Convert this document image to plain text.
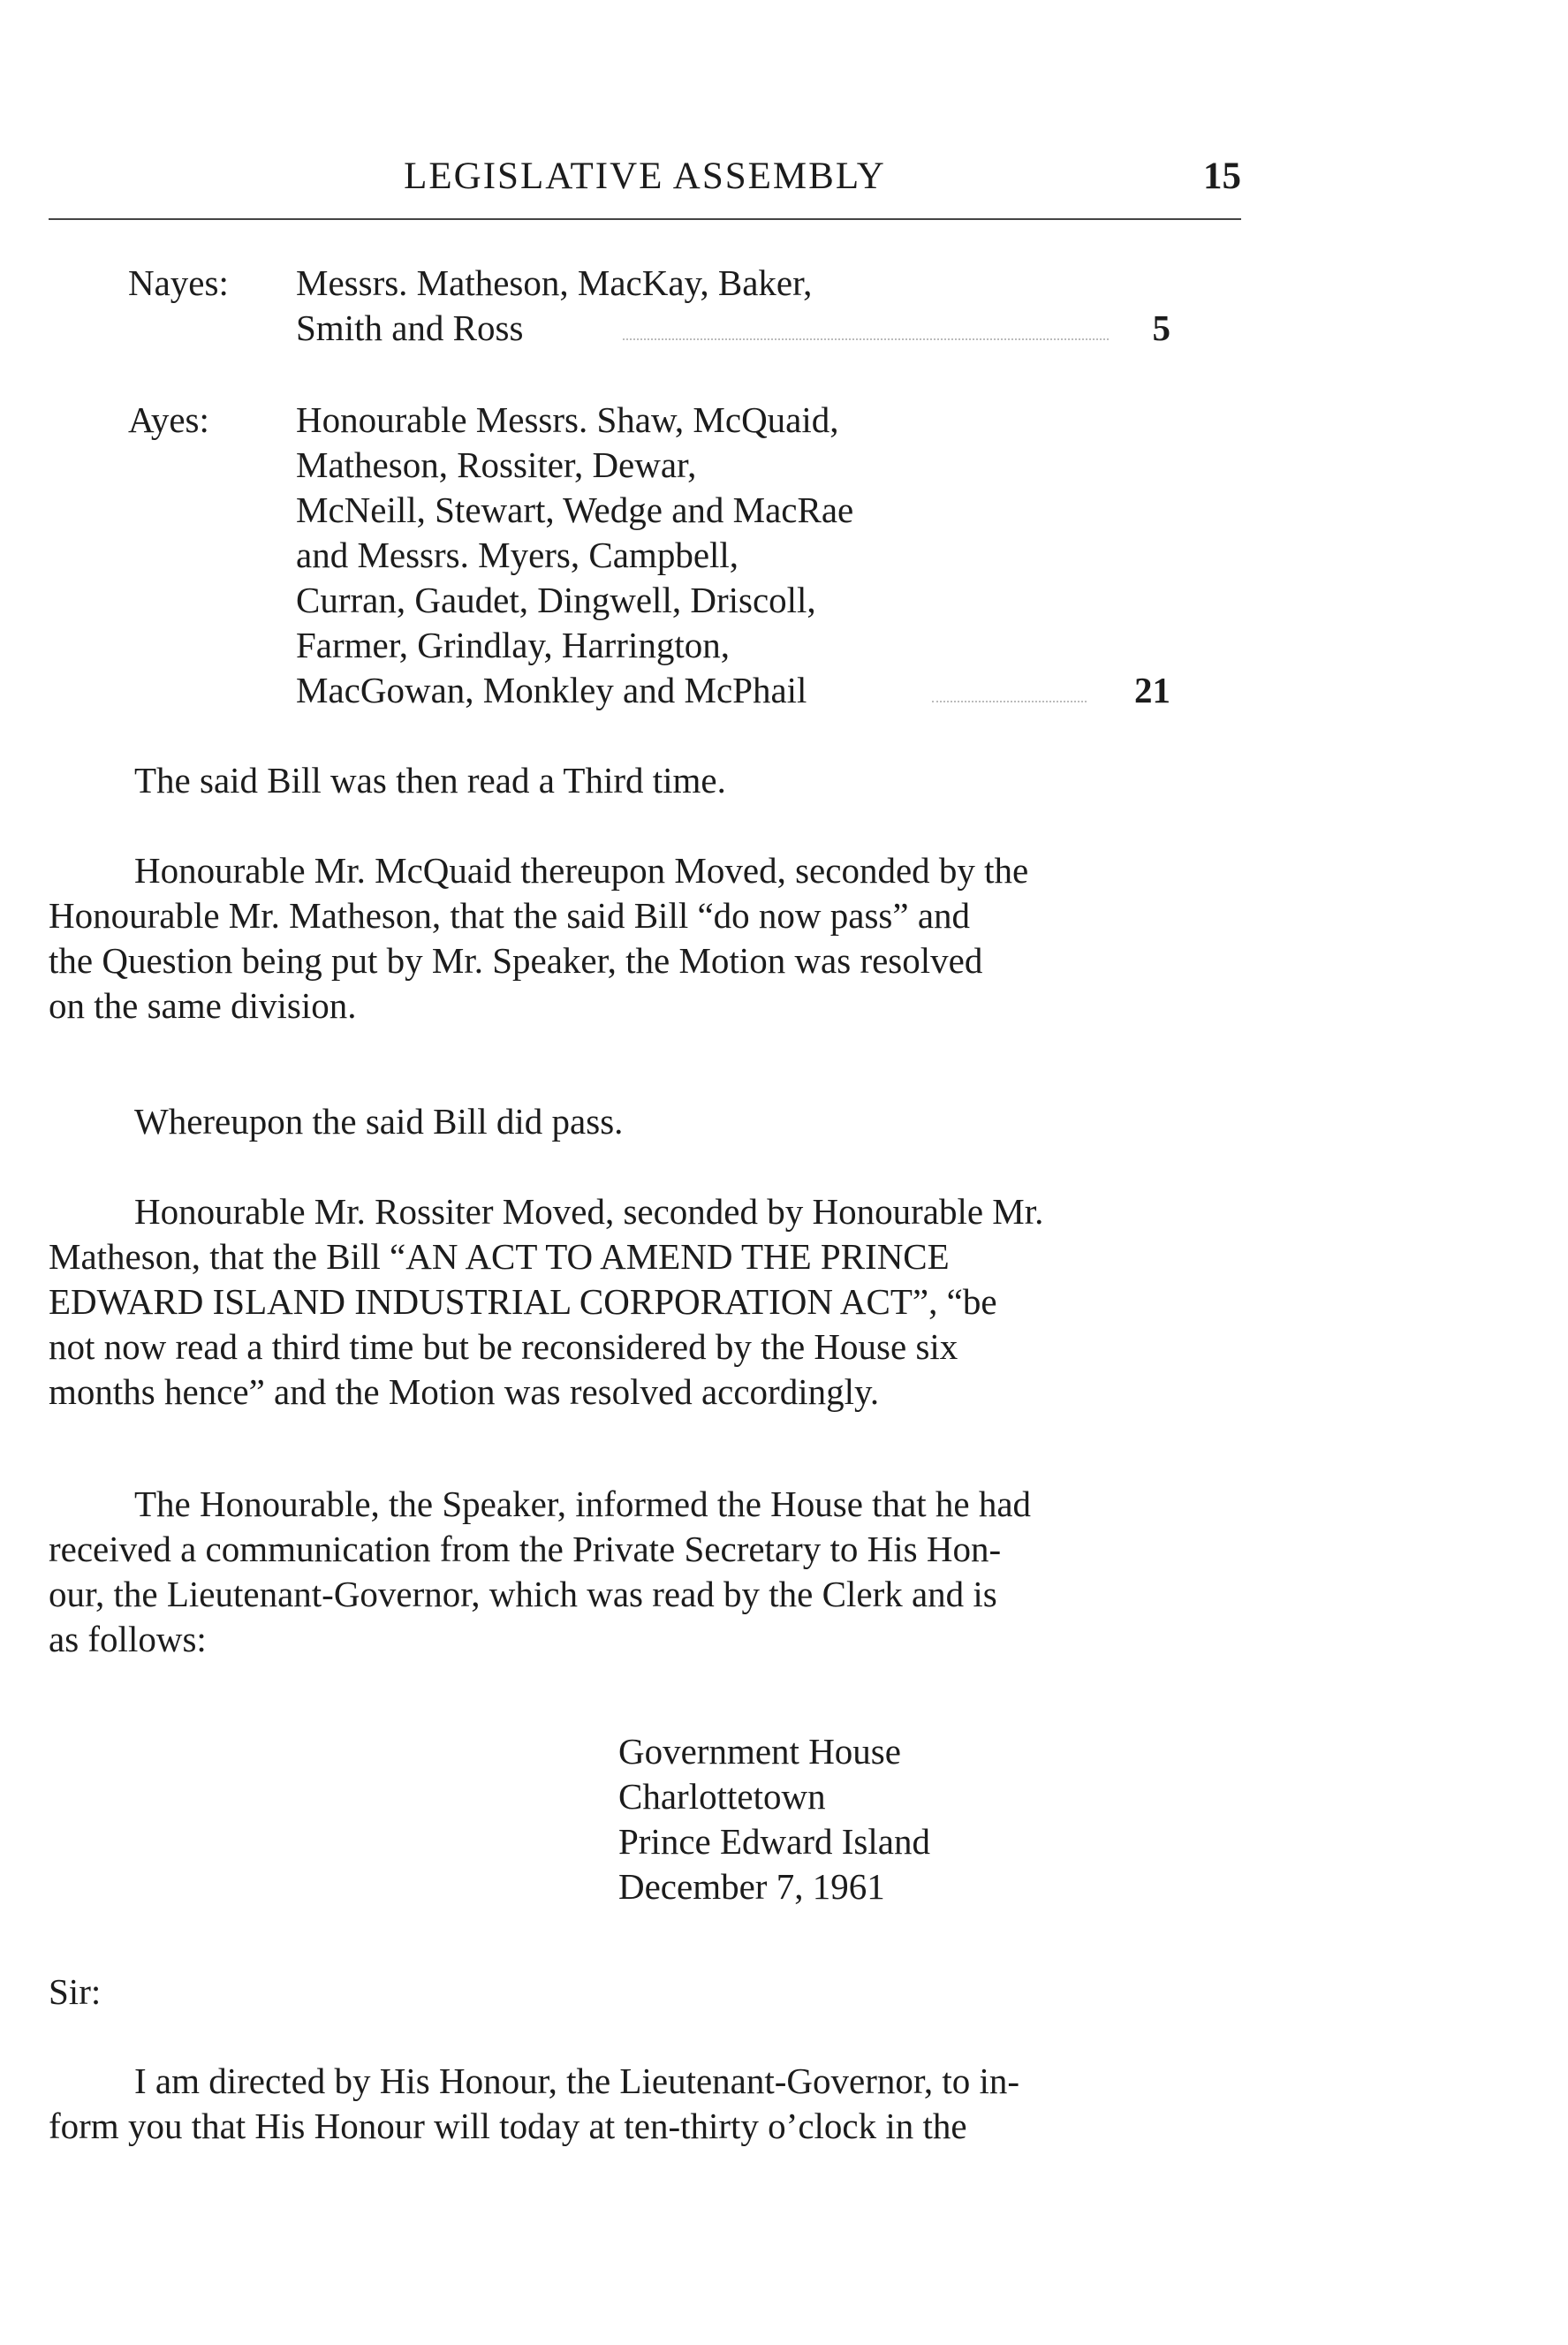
LEGISLATIVE ASSEMBLY	15
Nayes: Messrs. Matheson, MacKay, Baker,
Smith and Ross	5
Ayes: Honourable Messrs. Shaw, McQuaid,
Matheson, Rossiter, Dewar,
McNeill, Stewart, Wedge and MacRae
and Messrs. Myers, Campbell,
Curran, Gaudet, Dingwell, Driscoll,
Farmer, Grindlay, Harrington,
MacGowan, Monkley and McPhail	21
The said Bill was then read a Third time.
Honourable Mr. McQuaid thereupon Moved, seconded by the
Honourable Mr. Matheson, that the said Bill “do now pass” and
the Question being put by Mr. Speaker, the Motion was resolved
on the same division.
Whereupon the said Bill did pass.
Honourable Mr. Rossiter Moved, seconded by Honourable Mr.
Matheson, that the Bill “AN ACT TO AMEND THE PRINCE
EDWARD ISLAND INDUSTRIAL CORPORATION ACT”, “be
not now read a third time but be reconsidered by the House six
months hence” and the Motion was resolved accordingly.
The Honourable, the Speaker, informed the House that he had
received a communication from the Private Secretary to His Hon-
our, the Lieutenant-Governor, which was read by the Clerk and is
as follows:
Government House
Charlottetown
Prince Edward Island
December 7, 1961
Sir:
I am directed by His Honour, the Lieutenant-Governor, to in-
form you that His Honour will today at ten-thirty o’clock in the
